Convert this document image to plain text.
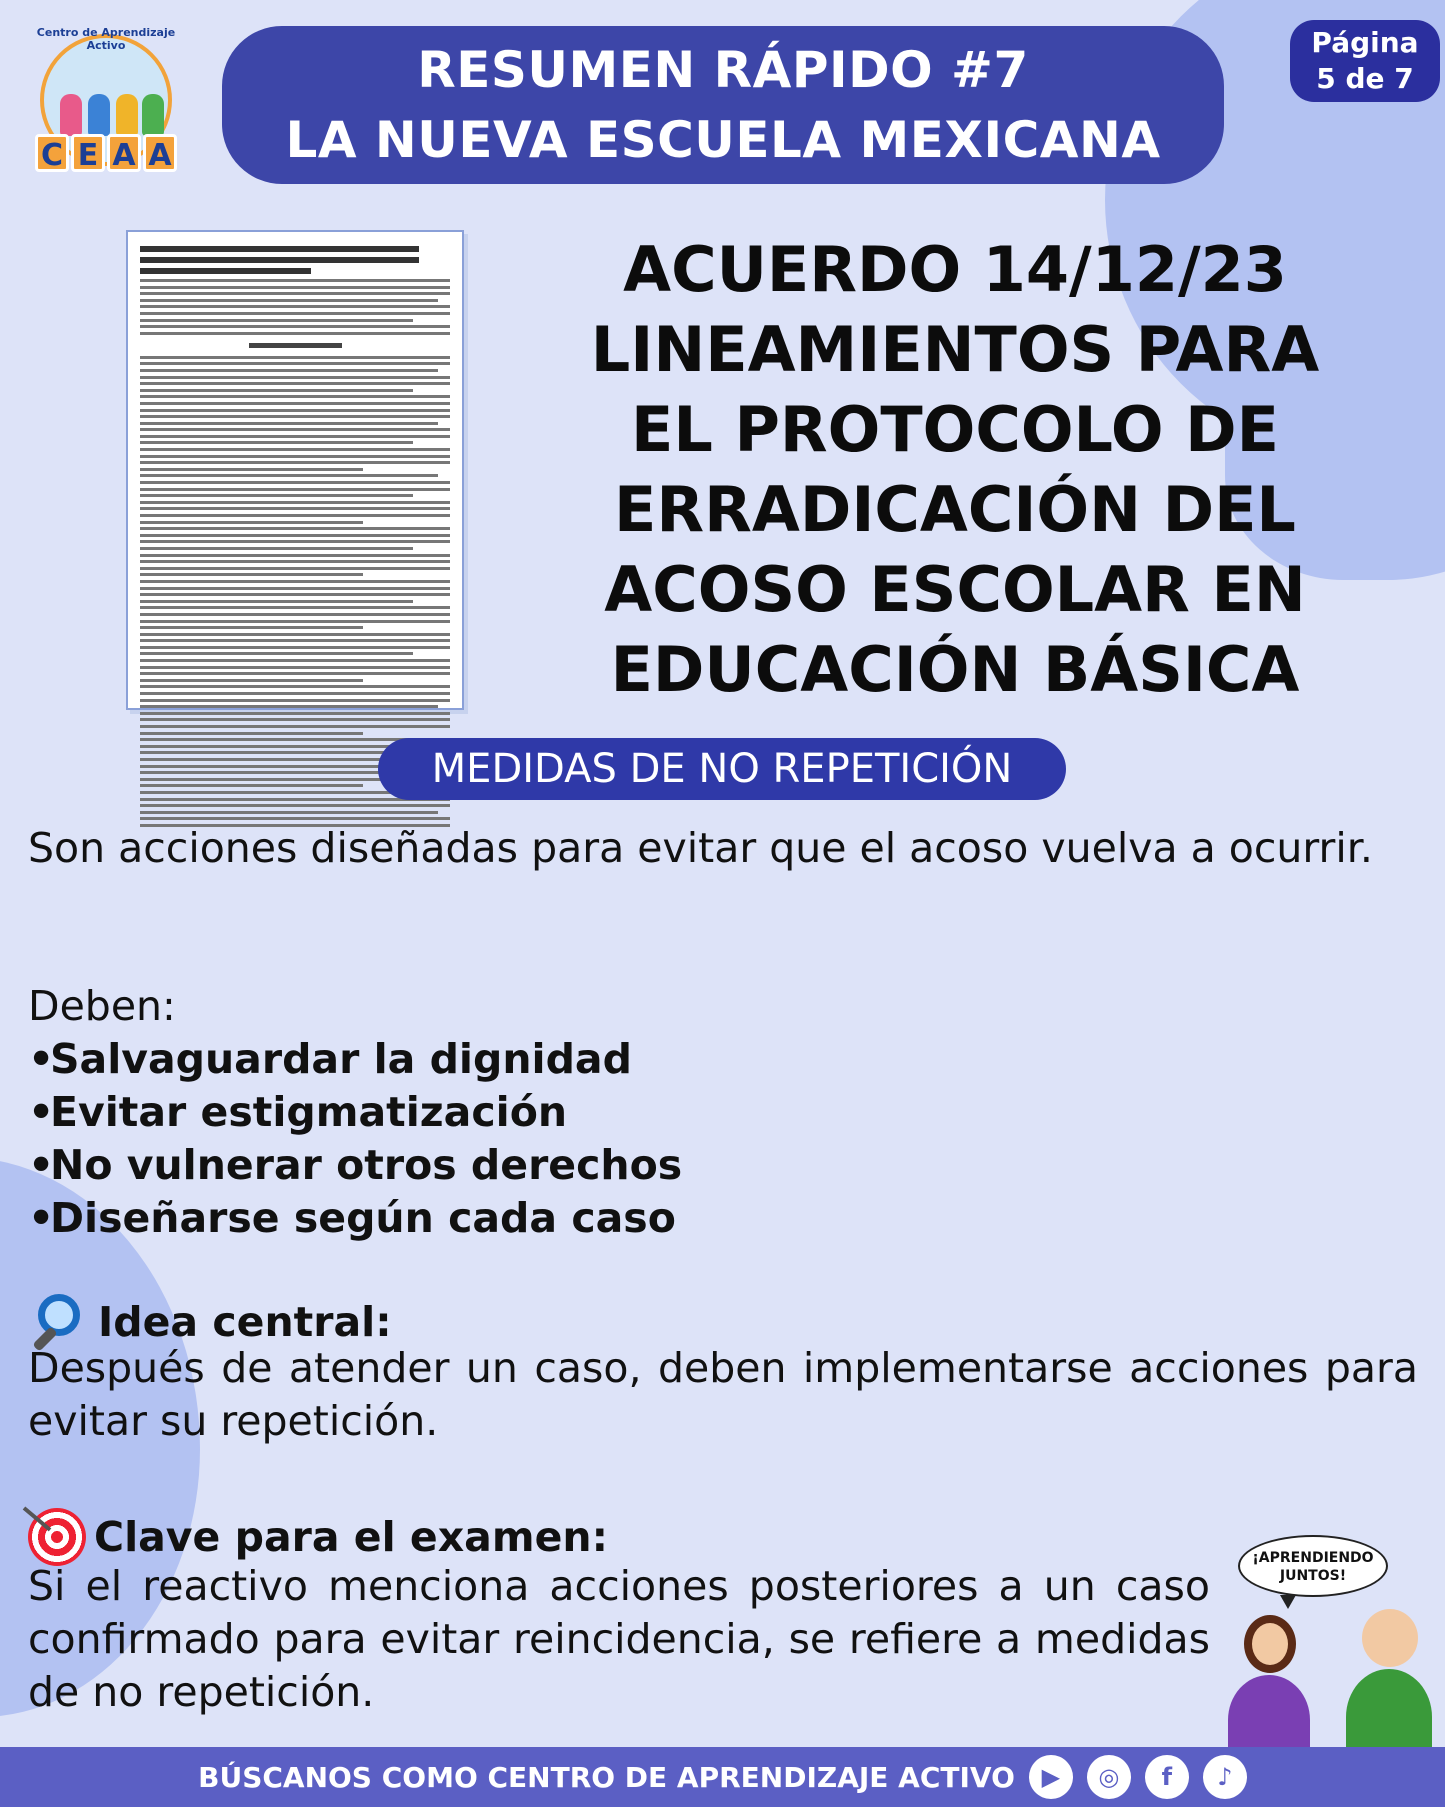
Centro de Aprendizaje Activo
C E A A
RESUMEN RÁPIDO #7
LA NUEVA ESCUELA MEXICANA
Página
5 de 7
ACUERDO 14/12/23
LINEAMIENTOS PARA
EL PROTOCOLO DE
ERRADICACIÓN DEL
ACOSO ESCOLAR EN
EDUCACIÓN BÁSICA
MEDIDAS DE NO REPETICIÓN

Son acciones diseñadas para evitar que el acoso vuelva a ocurrir.

Deben:

•Salvaguardar la dignidad
•Evitar estigmatización
•No vulnerar otros derechos
•Diseñarse según cada caso
Idea central:

Después de atender un caso, deben implementarse acciones para evitar su repetición.

Clave para el examen:

Si el reactivo menciona acciones posteriores a un caso confirmado para evitar reincidencia, se refiere a medidas de no repetición.

¡APRENDIENDO
JUNTOS!
BÚSCANOS COMO CENTRO DE APRENDIZAJE ACTIVO	▶	◎	f	♪
